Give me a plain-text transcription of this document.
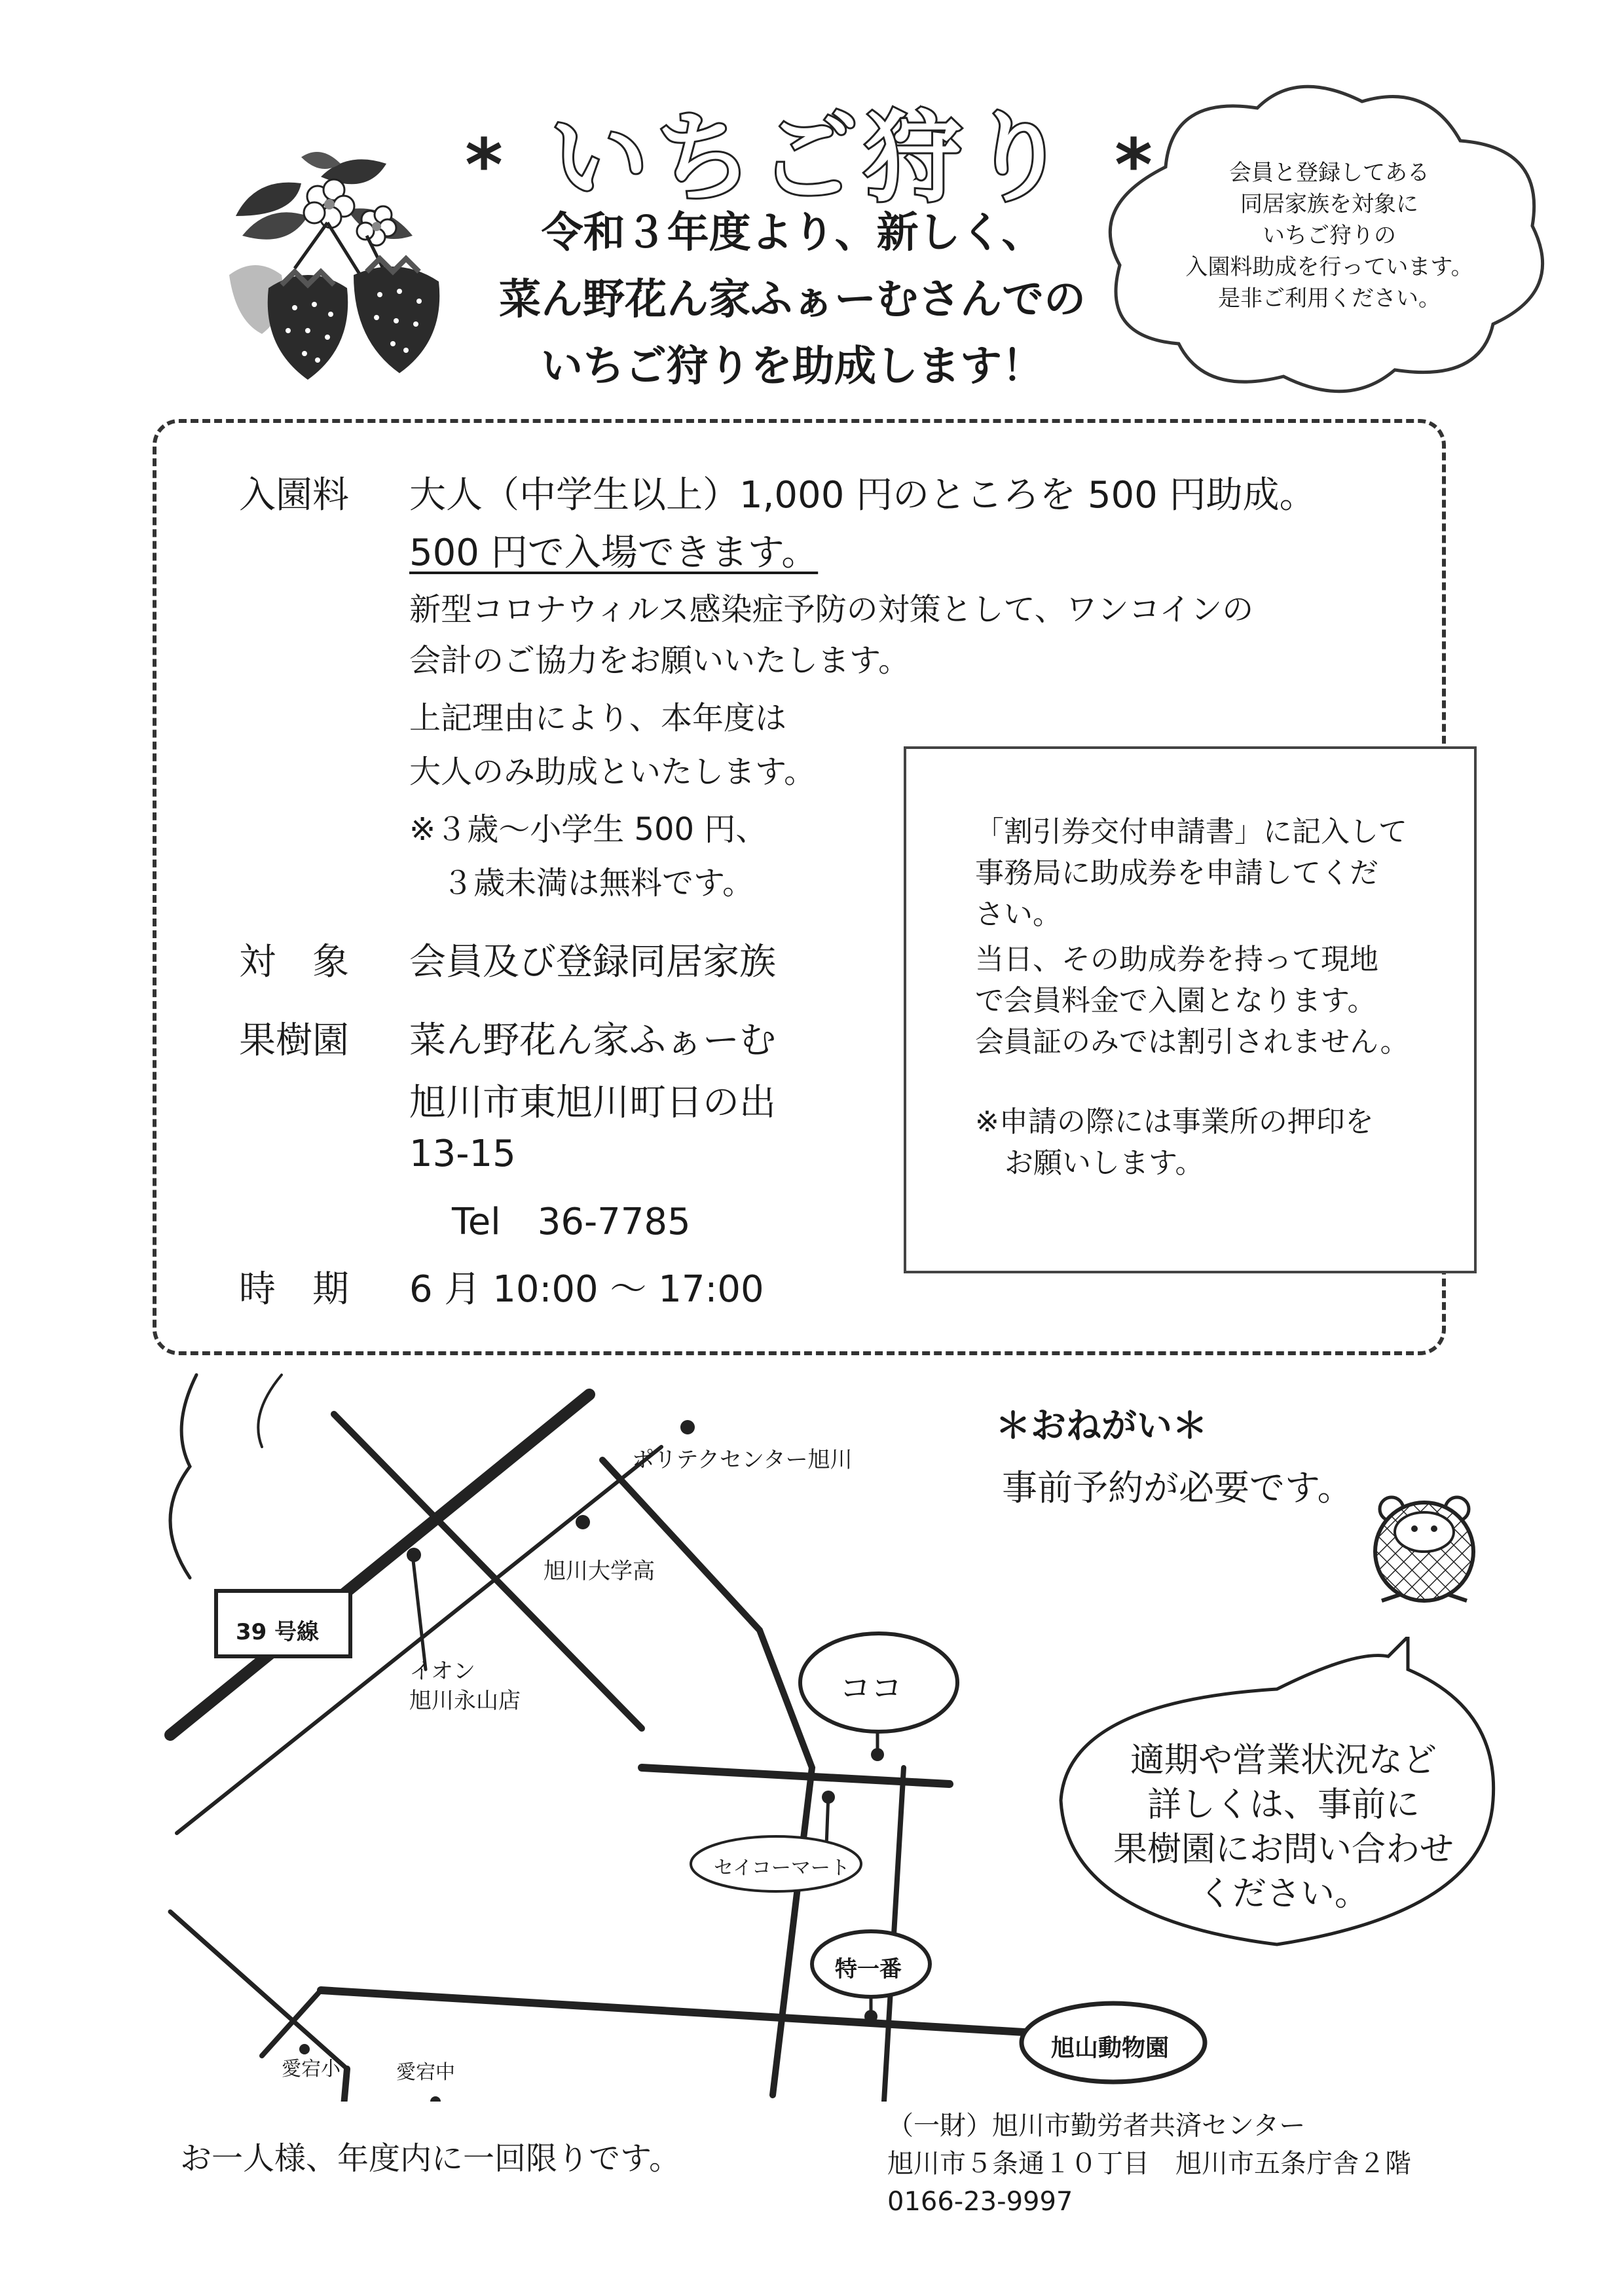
* いちご狩り *
令和３年度より、新しく、
菜ん野花ん家ふぁーむさんでの
いちご狩りを助成します！
会員と登録してある
同居家族を対象に
いちご狩りの
入園料助成を行っています。
是非ご利用ください。
入園料 大人（中学生以上）1,000 円のところを 500 円助成。
500 円で入場できます。
新型コロナウィルス感染症予防の対策として、ワンコインの
会計のご協力をお願いいたします。
上記理由により、本年度は
大人のみ助成といたします。
※３歳～小学生 500 円、
３歳未満は無料です。
対　象 会員及び登録同居家族
果樹園 菜ん野花ん家ふぁーむ
旭川市東旭川町日の出
13-15
Tel　36-7785
時　期 6 月 10:00 ～ 17:00
「割引券交付申請書」に記入して
事務局に助成券を申請してくだ
さい。
当日、その助成券を持って現地
で会員料金で入園となります。
会員証のみでは割引されません。
※申請の際には事業所の押印を
お願いします。
ポリテクセンター旭川
旭川大学高
39 号線
イオン
旭川永山店	ココ
セイコーマート
特一番
旭山動物園
愛宕小	愛宕中
＊おねがい＊
事前予約が必要です。
適期や営業状況など
詳しくは、事前に
果樹園にお問い合わせ
ください。
お一人様、年度内に一回限りです。
（一財）旭川市勤労者共済センター
旭川市５条通１０丁目　旭川市五条庁舎２階
0166-23-9997
